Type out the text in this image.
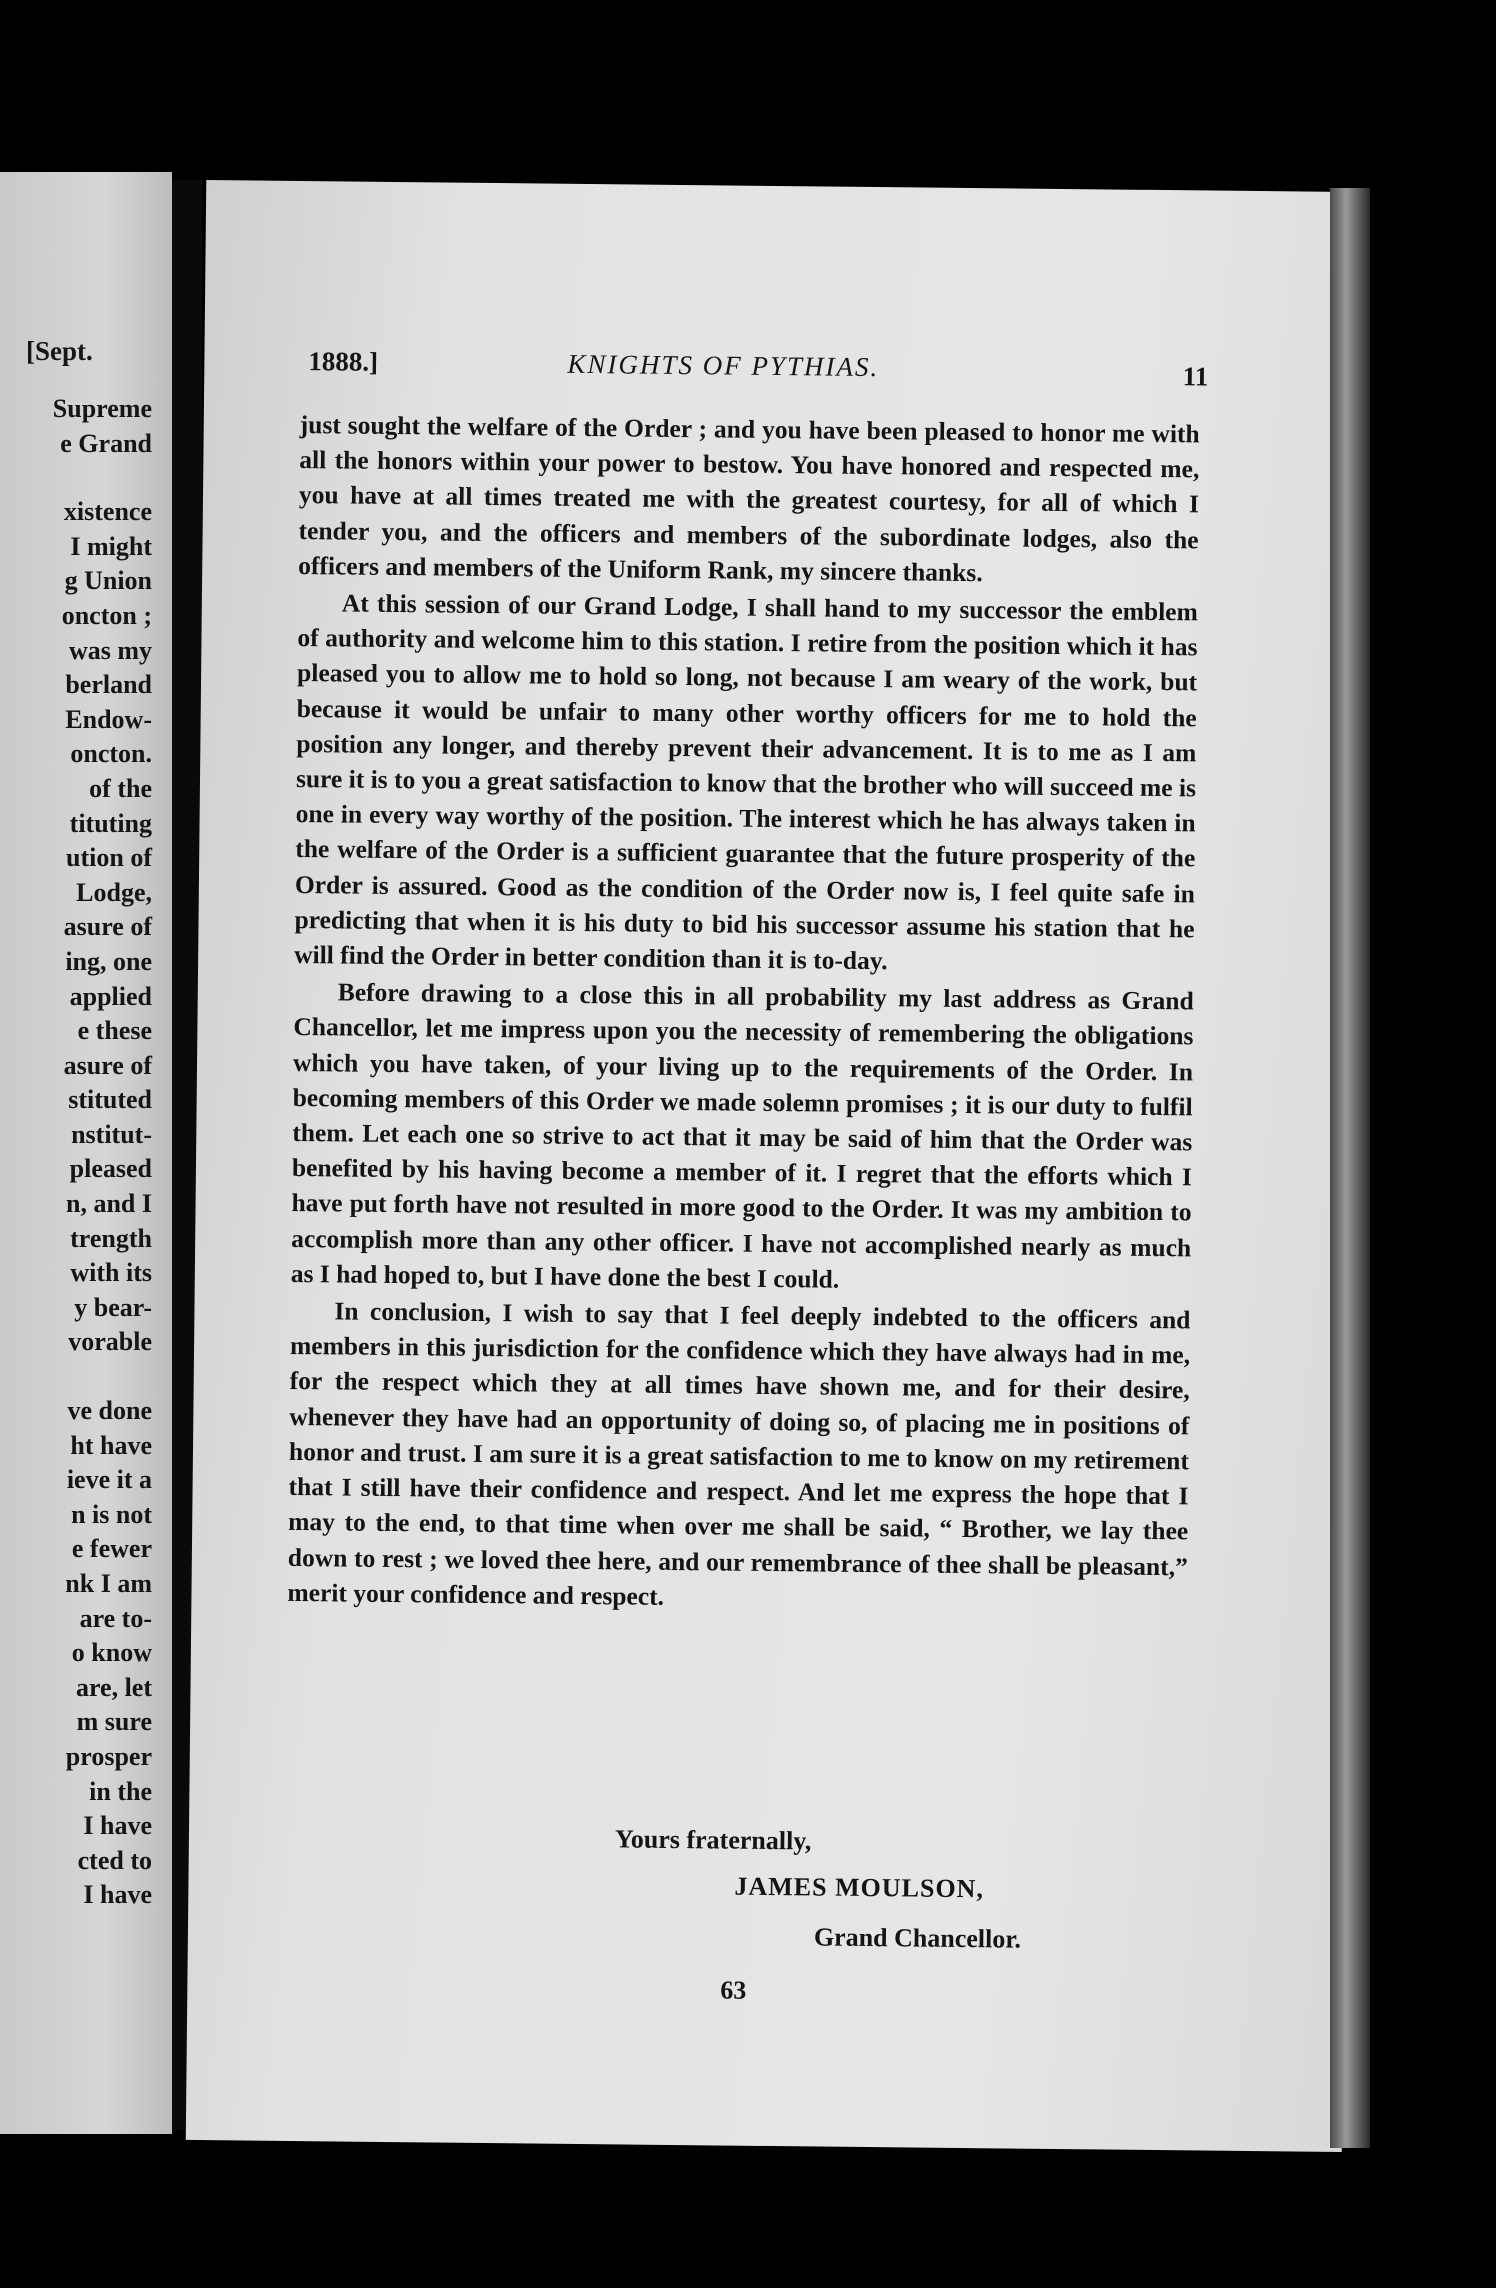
[Sept.
Supreme
e Grand

xistence
I might
g Union
oncton ;
was my
berland
Endow-
oncton.
of the
tituting
ution of
Lodge,
asure of
ing, one
applied
e these
asure of
stituted
nstitut-
pleased
n, and I
trength
with its
y bear-
vorable

ve done
ht have
ieve it a
n is not
e fewer
nk I am
are to-
o know
are, let
m sure
prosper
in the
I have
cted to
I have
1888.]	KNIGHTS OF PYTHIAS.	11

just sought the welfare of the Order ; and you have been pleased to honor me with all the honors within your power to bestow. You have honored and respected me, you have at all times treated me with the greatest courtesy, for all of which I tender you, and the officers and members of the subordinate lodges, also the officers and members of the Uniform Rank, my sincere thanks.

At this session of our Grand Lodge, I shall hand to my successor the emblem of authority and welcome him to this station. I retire from the position which it has pleased you to allow me to hold so long, not because I am weary of the work, but because it would be unfair to many other worthy officers for me to hold the position any longer, and thereby prevent their advancement. It is to me as I am sure it is to you a great satisfaction to know that the brother who will succeed me is one in every way worthy of the position. The interest which he has always taken in the welfare of the Order is a sufficient guarantee that the future prosperity of the Order is assured. Good as the condition of the Order now is, I feel quite safe in predicting that when it is his duty to bid his successor assume his station that he will find the Order in better condition than it is to-day.

Before drawing to a close this in all probability my last address as Grand Chancellor, let me impress upon you the necessity of remembering the obligations which you have taken, of your living up to the requirements of the Order. In becoming members of this Order we made solemn promises ; it is our duty to fulfil them. Let each one so strive to act that it may be said of him that the Order was benefited by his having become a member of it. I regret that the efforts which I have put forth have not resulted in more good to the Order. It was my ambition to accomplish more than any other officer. I have not accomplished nearly as much as I had hoped to, but I have done the best I could.

In conclusion, I wish to say that I feel deeply indebted to the officers and members in this jurisdiction for the confidence which they have always had in me, for the respect which they at all times have shown me, and for their desire, whenever they have had an opportunity of doing so, of placing me in positions of honor and trust. I am sure it is a great satisfaction to me to know on my retirement that I still have their confidence and respect. And let me express the hope that I may to the end, to that time when over me shall be said, “ Brother, we lay thee down to rest ; we loved thee here, and our remembrance of thee shall be pleasant,” merit your confidence and respect.

Yours fraternally,
JAMES MOULSON,
Grand Chancellor.
63
